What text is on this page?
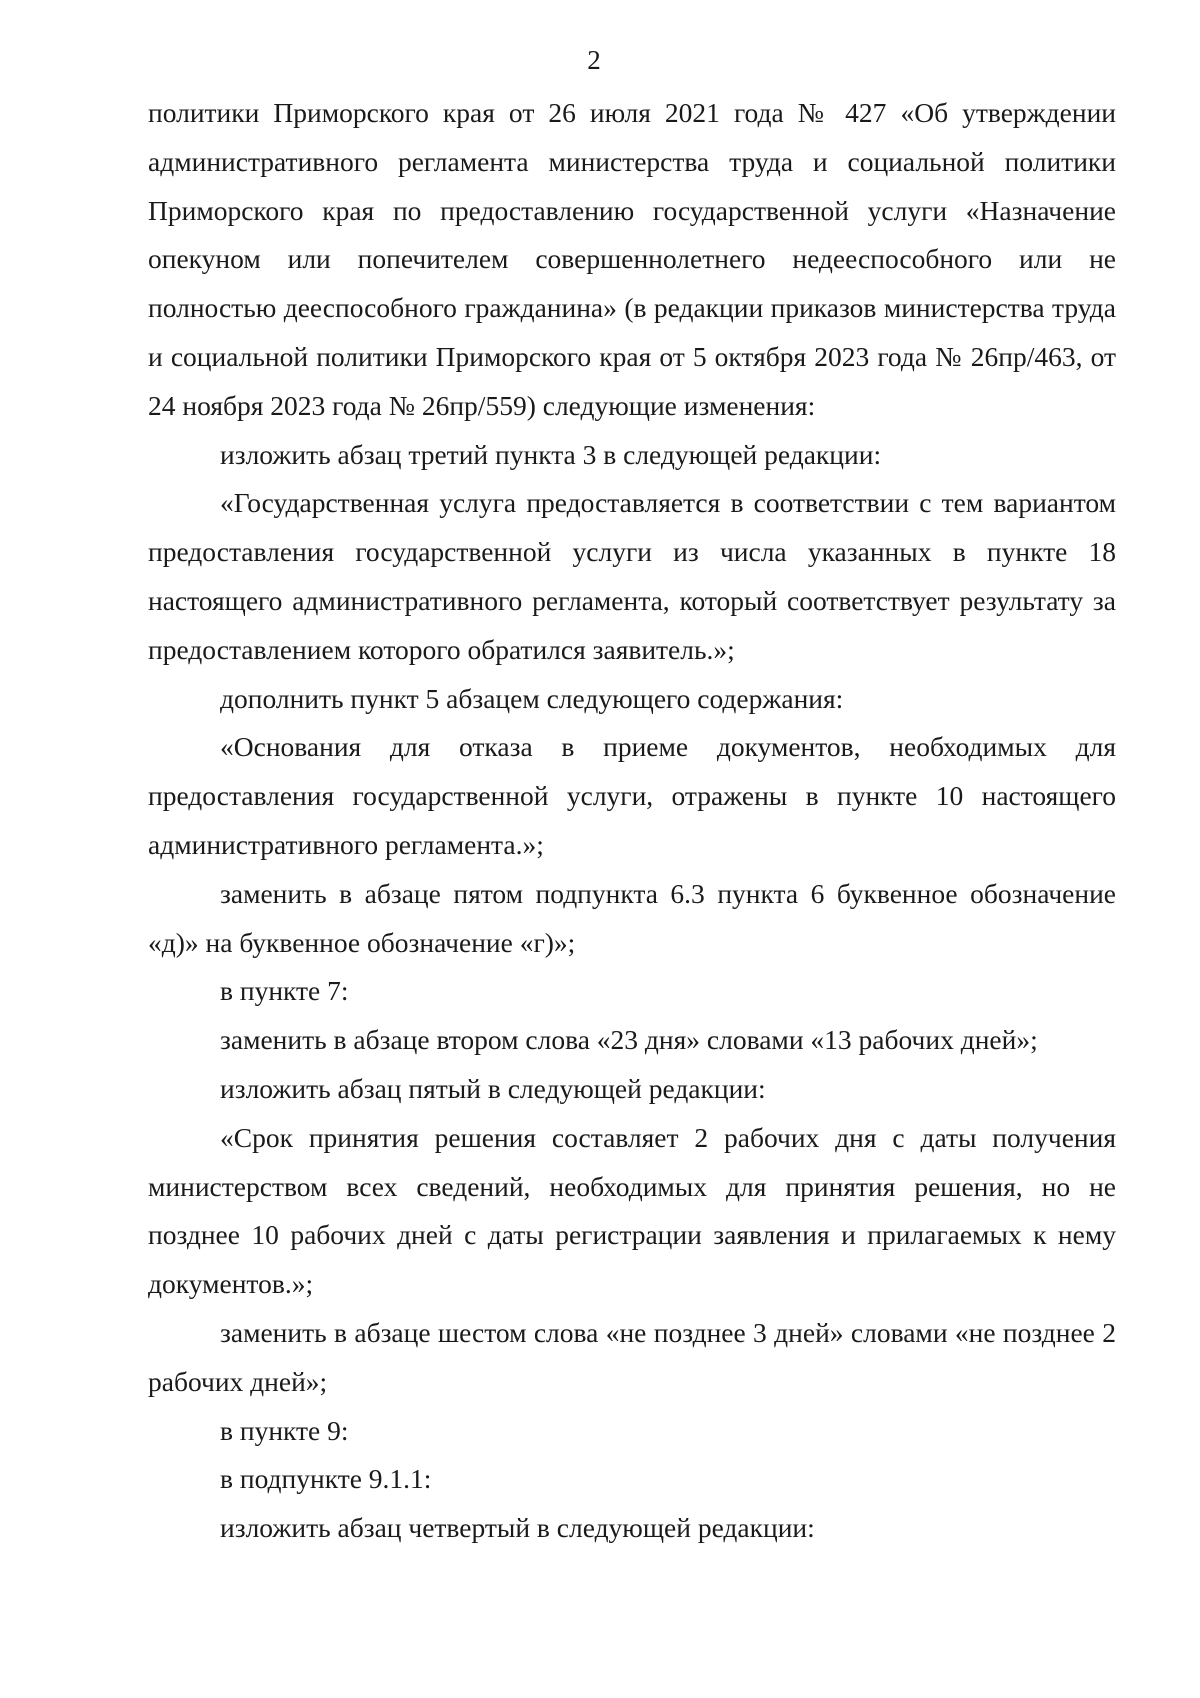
2

политики Приморского края от 26 июля 2021 года № 427 «Об утверждении административного регламента министерства труда и социальной политики Приморского края по предоставлению государственной услуги «Назначение опекуном или попечителем совершеннолетнего недееспособного или не полностью дееспособного гражданина» (в редакции приказов министерства труда и социальной политики Приморского края от 5 октября 2023 года № 26пр/463, от 24 ноября 2023 года № 26пр/559) следующие изменения:

изложить абзац третий пункта 3 в следующей редакции:

«Государственная услуга предоставляется в соответствии с тем вариантом предоставления государственной услуги из числа указанных в пункте 18 настоящего административного регламента, который соответствует результату за предоставлением которого обратился заявитель.»;

дополнить пункт 5 абзацем следующего содержания:

«Основания для отказа в приеме документов, необходимых для предоставления государственной услуги, отражены в пункте 10 настоящего административного регламента.»;

заменить в абзаце пятом подпункта 6.3 пункта 6 буквенное обозначение «д)» на буквенное обозначение «г)»;

в пункте 7:

заменить в абзаце втором слова «23 дня» словами «13 рабочих дней»;

изложить абзац пятый в следующей редакции:

«Срок принятия решения составляет 2 рабочих дня с даты получения министерством всех сведений, необходимых для принятия решения, но не позднее 10 рабочих дней с даты регистрации заявления и прилагаемых к нему документов.»;

заменить в абзаце шестом слова «не позднее 3 дней» словами «не позднее 2 рабочих дней»;

в пункте 9:

в подпункте 9.1.1:

изложить абзац четвертый в следующей редакции:
